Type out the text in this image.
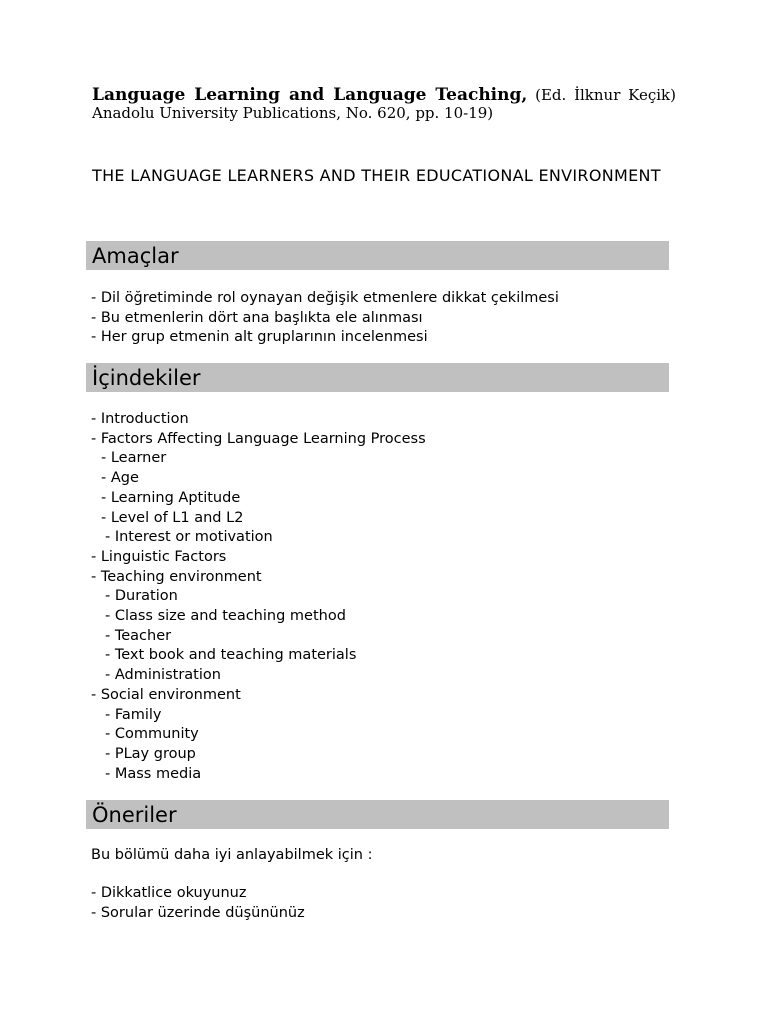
Language Learning and Language Teaching, (Ed. İlknur Keçik) Anadolu University Publications, No. 620, pp. 10-19)
THE LANGUAGE LEARNERS AND THEIR EDUCATIONAL ENVIRONMENT
Amaçlar
- Dil öğretiminde rol oynayan değişik etmenlere dikkat çekilmesi
- Bu etmenlerin dört ana başlıkta ele alınması
- Her grup etmenin alt gruplarının incelenmesi
İçindekiler
- Introduction
- Factors Affecting Language Learning Process
- Learner
- Age
- Learning Aptitude
- Level of L1 and L2
- Interest or motivation
- Linguistic Factors
- Teaching environment
- Duration
- Class size and teaching method
- Teacher
- Text book and teaching materials
- Administration
- Social environment
- Family
- Community
- PLay group
- Mass media
Öneriler
Bu bölümü daha iyi anlayabilmek için :
- Dikkatlice okuyunuz
- Sorular üzerinde düşününüz
